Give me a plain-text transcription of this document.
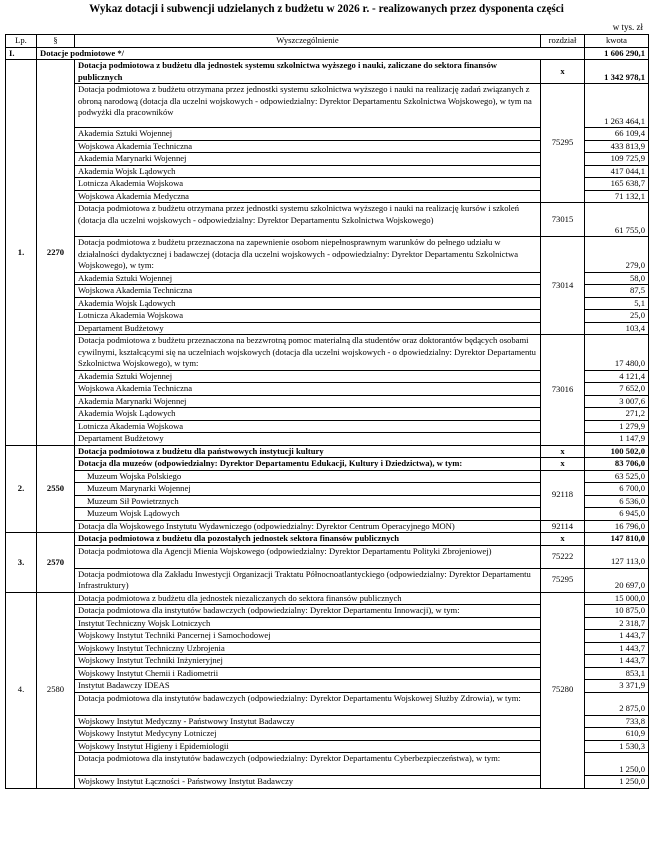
Wykaz dotacji i subwencji udzielanych z budżetu w 2026 r. - realizowanych przez dysponenta części
w tys. zł
Lp.	§	Wyszczególnienie	rozdział	kwota
I.	Dotacje podmiotowe */			1 606 290,1
1.	2270	Dotacja podmiotowa z budżetu dla jednostek systemu szkolnictwa wyższego i nauki, zaliczane do sektora finansów publicznych	x	1 342 978,1
		Dotacja podmiotowa z budżetu otrzymana przez jednostki systemu szkolnictwa wyższego i nauki na realizację zadań związanych z obroną narodową (dotacja dla uczelni wojskowych - odpowiedzialny: Dyrektor Departamentu Szkolnictwa Wojskowego), w tym na podwyżki dla pracowników	75295	1 263 464,1
		Akademia Sztuki Wojennej		66 109,4
		Wojskowa Akademia Techniczna		433 813,9
		Akademia Marynarki Wojennej		109 725,9
		Akademia Wojsk Lądowych		417 044,1
		Lotnicza Akademia Wojskowa		165 638,7
		Wojskowa Akademia Medyczna		71 132,1
		Dotacja podmiotowa z budżetu otrzymana przez jednostki systemu szkolnictwa wyższego i nauki na realizację kursów i szkoleń (dotacja dla uczelni wojskowych - odpowiedzialny: Dyrektor Departamentu Szkolnictwa Wojskowego)	73015	61 755,0
		Dotacja podmiotowa z budżetu przeznaczona na zapewnienie osobom niepełnosprawnym warunków do pełnego udziału w działalności dydaktycznej i badawczej (dotacja dla uczelni wojskowych - odpowiedzialny: Dyrektor Departamentu Szkolnictwa Wojskowego), w tym:	73014	279,0
		Akademia Sztuki Wojennej		58,0
		Wojskowa Akademia Techniczna		87,5
		Akademia Wojsk Lądowych		5,1
		Lotnicza Akademia Wojskowa		25,0
		Departament Budżetowy		103,4
		Dotacja podmiotowa z budżetu przeznaczona na bezzwrotną pomoc materialną dla studentów oraz doktorantów będących osobami cywilnymi, kształcącymi się na uczelniach wojskowych (dotacja dla uczelni wojskowych - o dpowiedzialny: Dyrektor Departamentu Szkolnictwa Wojskowego), w tym:	73016	17 480,0
		Akademia Sztuki Wojennej		4 121,4
		Wojskowa Akademia Techniczna		7 652,0
		Akademia Marynarki Wojennej		3 007,6
		Akademia Wojsk Lądowych		271,2
		Lotnicza Akademia Wojskowa		1 279,9
		Departament Budżetowy		1 147,9
2.	2550	Dotacja podmiotowa z budżetu dla państwowych instytucji kultury	x	100 502,0
		Dotacja dla muzeów (odpowiedzialny: Dyrektor Departamentu Edukacji, Kultury i Dziedzictwa), w tym:	x	83 706,0
		Muzeum Wojska Polskiego	92118	63 525,0
		Muzeum Marynarki Wojennej		6 700,0
		Muzeum Sił Powietrznych		6 536,0
		Muzeum Wojsk Lądowych		6 945,0
		Dotacja dla Wojskowego Instytutu Wydawniczego (odpowiedzialny: Dyrektor Centrum Operacyjnego MON)	92114	16 796,0
3.	2570	Dotacja podmiotowa z budżetu dla pozostałych jednostek sektora finansów publicznych	x	147 810,0
		Dotacja podmiotowa dla Agencji Mienia Wojskowego (odpowiedzialny: Dyrektor Departamentu Polityki Zbrojeniowej)	75222	127 113,0
		Dotacja podmiotowa dla Zakładu Inwestycji Organizacji Traktatu Północnoatlantyckiego (odpowiedzialny: Dyrektor Departamentu Infrastruktury)	75295	20 697,0
4.	2580	Dotacja podmiotowa z budżetu dla jednostek niezaliczanych do sektora finansów publicznych	75280	15 000,0
		Dotacja podmiotowa dla instytutów badawczych (odpowiedzialny: Dyrektor Departamentu Innowacji), w tym:		10 875,0
		Instytut Techniczny Wojsk Lotniczych		2 318,7
		Wojskowy Instytut Techniki Pancernej i Samochodowej		1 443,7
		Wojskowy Instytut Techniczny Uzbrojenia		1 443,7
		Wojskowy Instytut Techniki Inżynieryjnej		1 443,7
		Wojskowy Instytut Chemii i Radiometrii		853,1
		Instytut Badawczy IDEAS		3 371,9
		Dotacja podmiotowa dla instytutów badawczych (odpowiedzialny: Dyrektor Departamentu Wojskowej Służby Zdrowia), w tym:		2 875,0
		Wojskowy Instytut Medyczny - Państwowy Instytut Badawczy		733,8
		Wojskowy Instytut Medycyny Lotniczej		610,9
		Wojskowy Instytut Higieny i Epidemiologii		1 530,3
		Dotacja podmiotowa dla instytutów badawczych (odpowiedzialny: Dyrektor Departamentu Cyberbezpieczeństwa), w tym:		1 250,0
		Wojskowy Instytut Łączności - Państwowy Instytut Badawczy		1 250,0
